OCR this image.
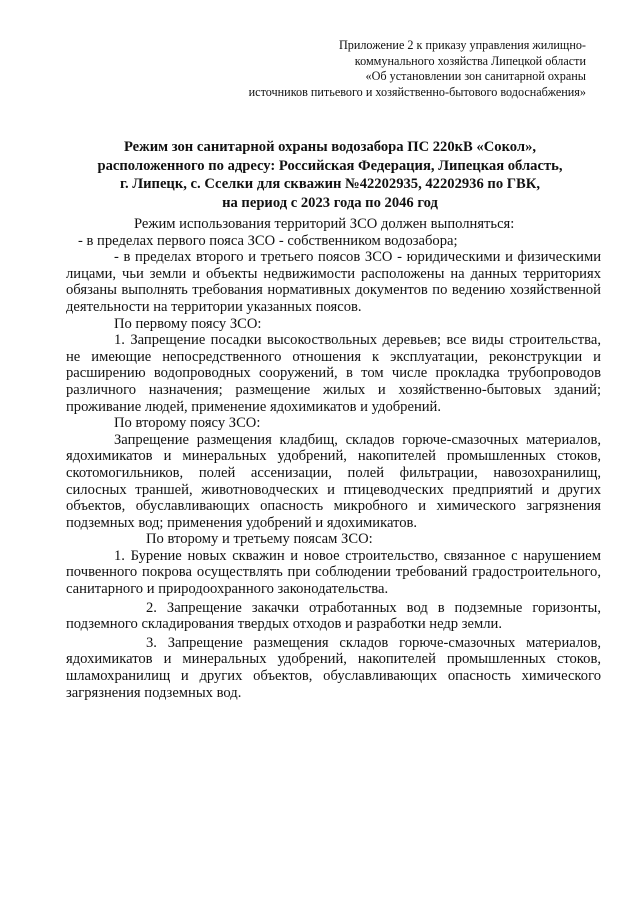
Приложение 2 к приказу управления жилищно-
коммунального хозяйства Липецкой области
«Об установлении зон санитарной охраны
источников питьевого и хозяйственно-бытового водоснабжения»
Режим зон санитарной охраны водозабора ПС 220кВ «Сокол»,
расположенного по адресу: Российская Федерация, Липецкая область,
г. Липецк, с. Сселки для скважин №42202935, 42202936 по ГВК,
на период с 2023 года по 2046 год

Режим использования территорий ЗСО должен выполняться:

- в пределах первого пояса ЗСО - собственником водозабора;

- в пределах второго и третьего поясов ЗСО - юридическими и физическими лицами, чьи земли и объекты недвижимости расположены на данных территориях обязаны выполнять требования нормативных документов по ведению хозяйственной деятельности на территории указанных поясов.

По первому поясу ЗСО:

1. Запрещение посадки высокоствольных деревьев; все виды строительства, не имеющие непосредственного отношения к эксплуатации, реконструкции и расширению водопроводных сооружений, в том числе прокладка трубопроводов различного назначения; размещение жилых и хозяйственно-бытовых зданий; проживание людей, применение ядохимикатов и удобрений.

По второму поясу ЗСО:

Запрещение размещения кладбищ, складов горюче-смазочных материалов, ядохимикатов и минеральных удобрений, накопителей промышленных стоков, скотомогильников, полей ассенизации, полей фильтрации, навозохранилищ, силосных траншей, животноводческих и птицеводческих предприятий и других объектов, обуславливающих опасность микробного и химического загрязнения подземных вод; применения удобрений и ядохимикатов.

По второму и третьему поясам ЗСО:

1. Бурение новых скважин и новое строительство, связанное с нарушением почвенного покрова осуществлять при соблюдении требований градостроительного, санитарного и природоохранного законодательства.

2. Запрещение закачки отработанных вод в подземные горизонты, подземного складирования твердых отходов и разработки недр земли.

3. Запрещение размещения складов горюче-смазочных материалов, ядохимикатов и минеральных удобрений, накопителей промышленных стоков, шламохранилищ и других объектов, обуславливающих опасность химического загрязнения подземных вод.
